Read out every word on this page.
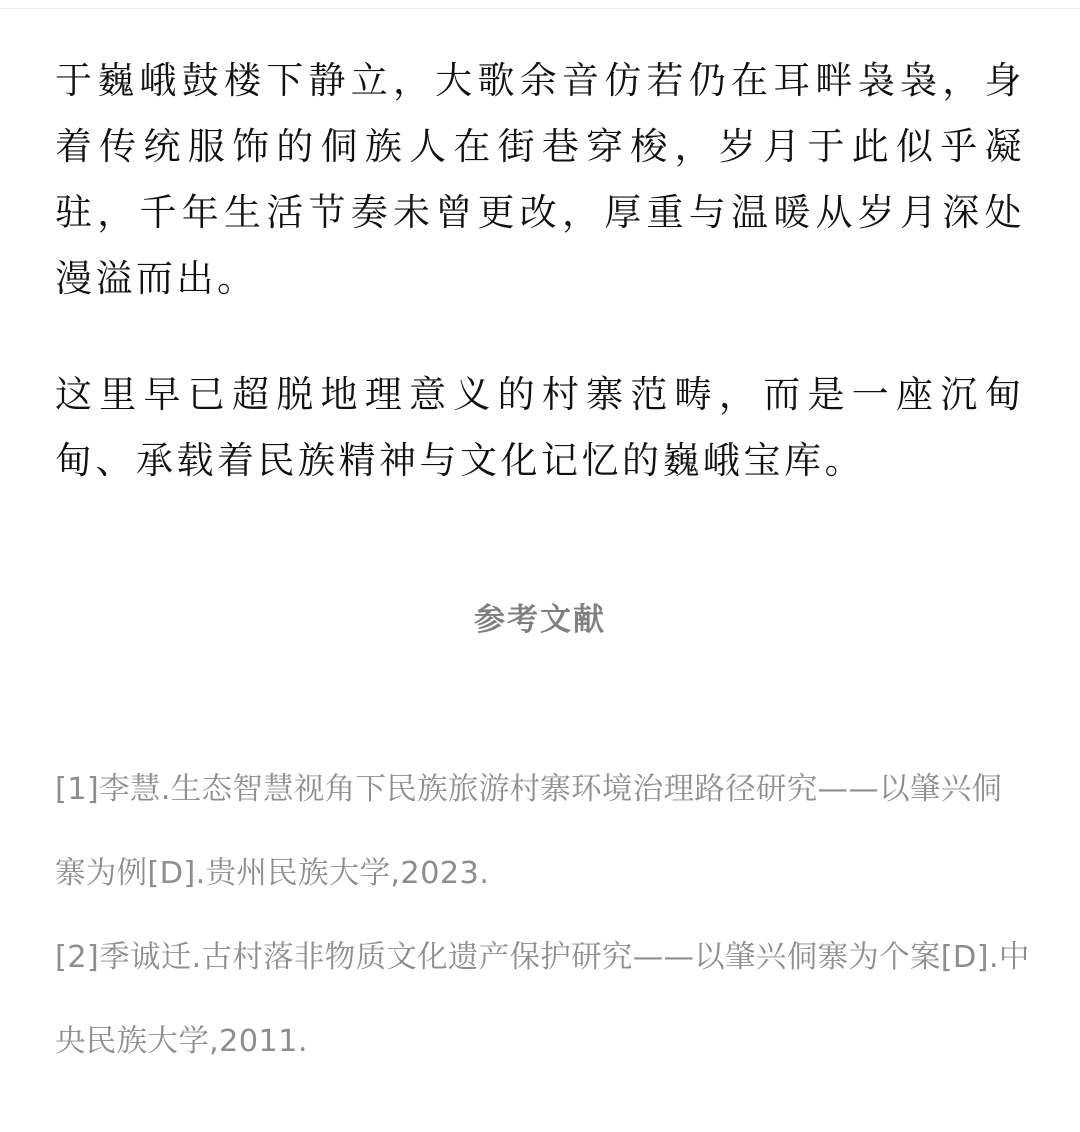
于巍峨鼓楼下静立，大歌余音仿若仍在耳畔袅袅，身着传统服饰的侗族人在街巷穿梭，岁月于此似乎凝驻，千年生活节奏未曾更改，厚重与温暖从岁月深处漫溢而出。

这里早已超脱地理意义的村寨范畴，而是一座沉甸甸、承载着民族精神与文化记忆的巍峨宝库。

参考文献

[1]李慧.生态智慧视角下民族旅游村寨环境治理路径研究——以肇兴侗寨为例[D].贵州民族大学,2023.

[2]季诚迁.古村落非物质文化遗产保护研究——以肇兴侗寨为个案[D].中央民族大学,2011.
